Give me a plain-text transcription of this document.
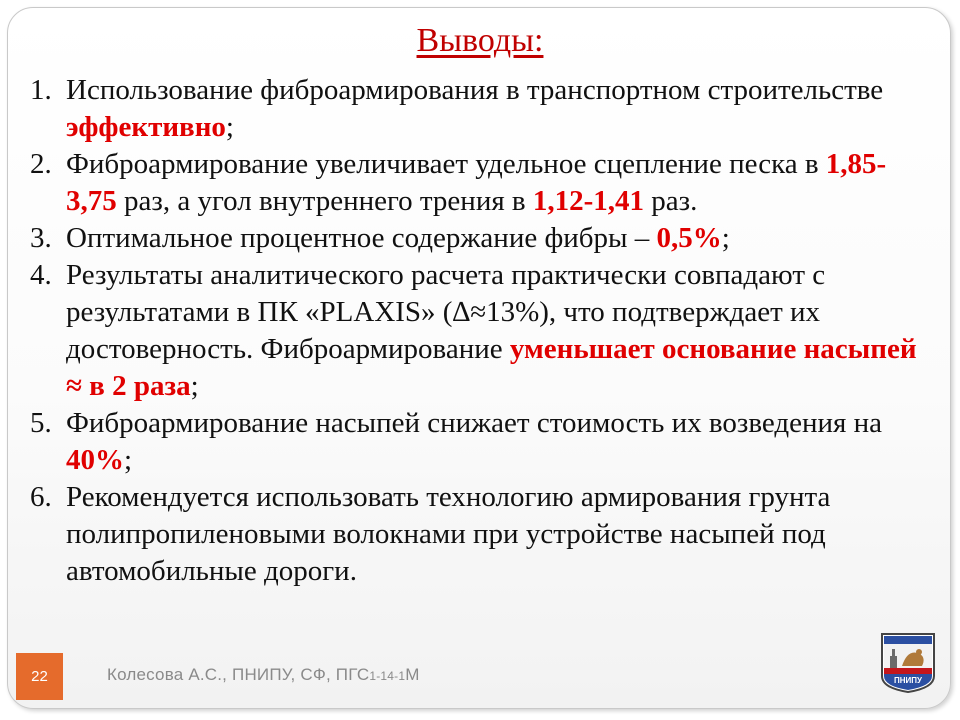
Выводы:
1. Использование фиброармирования в транспортном строительстве эффективно;
2. Фиброармирование увеличивает удельное сцепление песка в 1,85-3,75 раз, а угол внутреннего трения в 1,12-1,41 раз.
3. Оптимальное процентное содержание фибры – 0,5%;
4. Результаты аналитического расчета практически совпадают с результатами в ПК «PLAXIS» (∆≈13%), что подтверждает их достоверность. Фиброармирование уменьшает основание насыпей ≈ в 2 раза;
5. Фиброармирование насыпей снижает стоимость их возведения на 40%;
6. Рекомендуется использовать технологию армирования грунта полипропиленовыми волокнами при устройстве насыпей под автомобильные дороги.
22	Колесова А.С., ПНИПУ, СФ, ПГС1-14-1М	ПНИПУ
